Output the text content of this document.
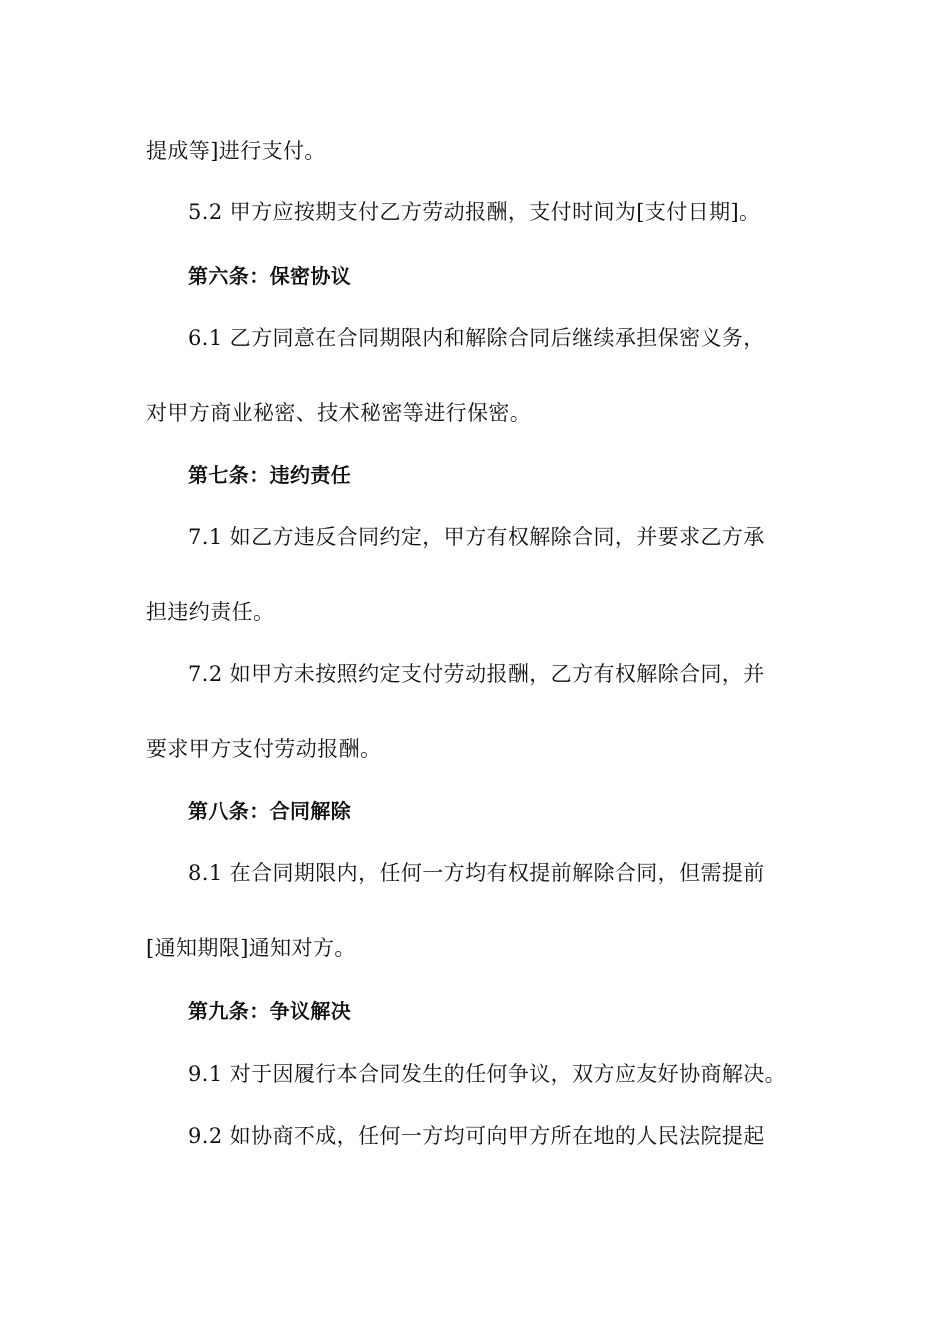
提成等]进行支付。
5.2 甲方应按期支付乙方劳动报酬，支付时间为[支付日期]。
第六条：保密协议
6.1 乙方同意在合同期限内和解除合同后继续承担保密义务，
对甲方商业秘密、技术秘密等进行保密。
第七条：违约责任
7.1 如乙方违反合同约定，甲方有权解除合同，并要求乙方承
担违约责任。
7.2 如甲方未按照约定支付劳动报酬，乙方有权解除合同，并
要求甲方支付劳动报酬。
第八条：合同解除
8.1 在合同期限内，任何一方均有权提前解除合同，但需提前
[通知期限]通知对方。
第九条：争议解决
9.1 对于因履行本合同发生的任何争议，双方应友好协商解决。
9.2 如协商不成，任何一方均可向甲方所在地的人民法院提起
